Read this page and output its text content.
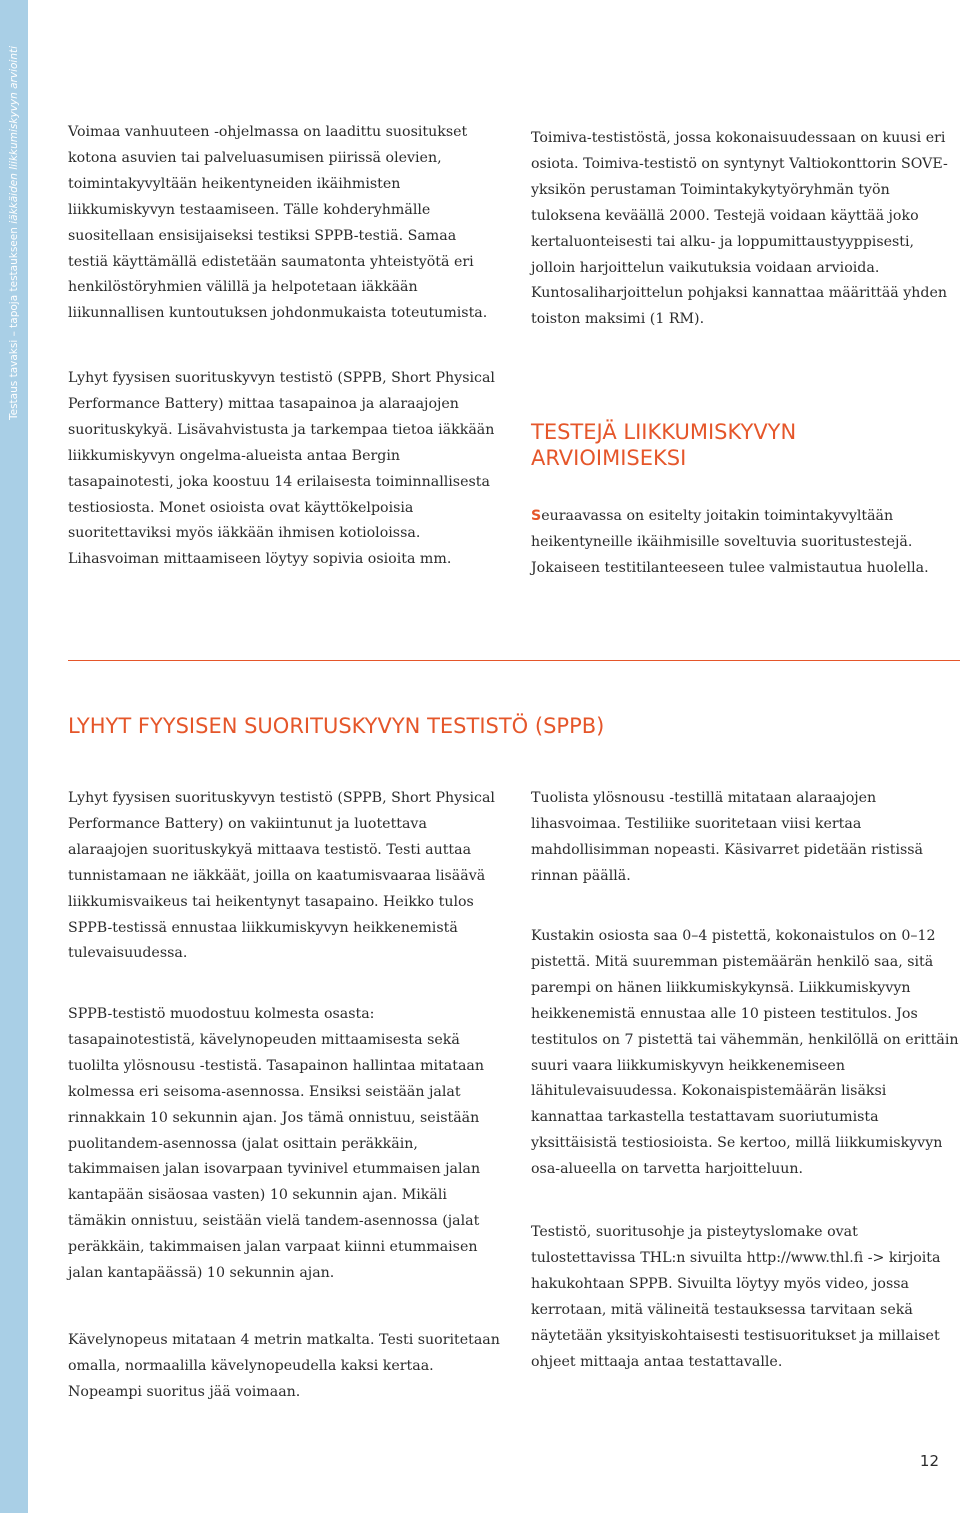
Testaus tavaksi – tapoja testaukseen iäkkäiden liikkumiskyvyn arviointi	Voimaa vanhuuteen -ohjelmassa on laadittu suositukset kotona asuvien tai palveluasumisen piirissä olevien, toimintakyvyltään heikentyneiden ikäihmisten liikkumiskyvyn testaamiseen. Tälle kohderyhmälle suositellaan ensisijaiseksi testiksi SPPB-testiä. Samaa testiä käyttämällä edistetään saumatonta yhteistyötä eri henkilöstöryhmien välillä ja helpotetaan iäkkään liikunnallisen kuntoutuksen johdonmukaista toteutumista.

Lyhyt fyysisen suorituskyvyn testistö (SPPB, Short Physical Performance Battery) mittaa tasapainoa ja alaraajojen suorituskykyä. Lisävahvistusta ja tarkempaa tietoa iäkkään liikkumiskyvyn ongelma-alueista antaa Bergin tasapainotesti, joka koostuu 14 erilaisesta toiminnallisesta testiosiosta. Monet osioista ovat käyttökelpoisia suoritettaviksi myös iäkkään ihmisen kotioloissa. Lihasvoiman mittaamiseen löytyy sopivia osioita mm.

Toimiva-testistöstä, jossa kokonaisuudessaan on kuusi eri osiota. Toimiva-testistö on syntynyt Valtiokonttorin SOVE-yksikön perustaman Toimintakykytyöryhmän työn tuloksena keväällä 2000. Testejä voidaan käyttää joko kertaluonteisesti tai alku- ja loppumittaustyyppisesti, jolloin harjoittelun vaikutuksia voidaan arvioida. Kuntosaliharjoittelun pohjaksi kannattaa määrittää yhden toiston maksimi (1 RM).

TESTEJÄ LIIKKUMISKYVYN ARVIOIMISEKSI

Seuraavassa on esitelty joitakin toimintakyvyltään heikentyneille ikäihmisille soveltuvia suoritustestejä. Jokaiseen testitilanteeseen tulee valmistautua huolella.

LYHYT FYYSISEN SUORITUSKYVYN TESTISTÖ (SPPB)

Lyhyt fyysisen suorituskyvyn testistö (SPPB, Short Physical Performance Battery) on vakiintunut ja luotettava alaraajojen suorituskykyä mittaava testistö. Testi auttaa tunnistamaan ne iäkkäät, joilla on kaatumisvaaraa lisäävä liikkumisvaikeus tai heikentynyt tasapaino. Heikko tulos SPPB-testissä ennustaa liikkumiskyvyn heikkenemistä tulevaisuudessa.

SPPB-testistö muodostuu kolmesta osasta: tasapainotestistä, kävelynopeuden mittaamisesta sekä tuolilta ylösnousu -testistä. Tasapainon hallintaa mitataan kolmessa eri seisoma-asennossa. Ensiksi seistään jalat rinnakkain 10 sekunnin ajan. Jos tämä onnistuu, seistään puolitandem-asennossa (jalat osittain peräkkäin, takimmaisen jalan isovarpaan tyvinivel etummaisen jalan kantapään sisäosaa vasten) 10 sekunnin ajan. Mikäli tämäkin onnistuu, seistään vielä tandem-asennossa (jalat peräkkäin, takimmaisen jalan varpaat kiinni etummaisen jalan kantapäässä) 10 sekunnin ajan.

Kävelynopeus mitataan 4 metrin matkalta. Testi suoritetaan omalla, normaalilla kävelynopeudella kaksi kertaa. Nopeampi suoritus jää voimaan.

Tuolista ylösnousu -testillä mitataan alaraajojen lihasvoimaa. Testiliike suoritetaan viisi kertaa mahdollisimman nopeasti. Käsivarret pidetään ristissä rinnan päällä.

Kustakin osiosta saa 0–4 pistettä, kokonaistulos on 0–12 pistettä. Mitä suuremman pistemäärän henkilö saa, sitä parempi on hänen liikkumiskykynsä. Liikkumiskyvyn heikkenemistä ennustaa alle 10 pisteen testitulos. Jos testitulos on 7 pistettä tai vähemmän, henkilöllä on erittäin suuri vaara liikkumiskyvyn heikkenemiseen lähitulevaisuudessa. Kokonaispistemäärän lisäksi kannattaa tarkastella testattavam suoriutumista yksittäisistä testiosioista. Se kertoo, millä liikkumiskyvyn osa-alueella on tarvetta harjoitteluun.

Testistö, suoritusohje ja pisteytyslomake ovat tulostettavissa THL:n sivuilta http://www.thl.fi -> kirjoita hakukohtaan SPPB. Sivuilta löytyy myös video, jossa kerrotaan, mitä välineitä testauksessa tarvitaan sekä näytetään yksityiskohtaisesti testisuoritukset ja millaiset ohjeet mittaaja antaa testattavalle.

12
